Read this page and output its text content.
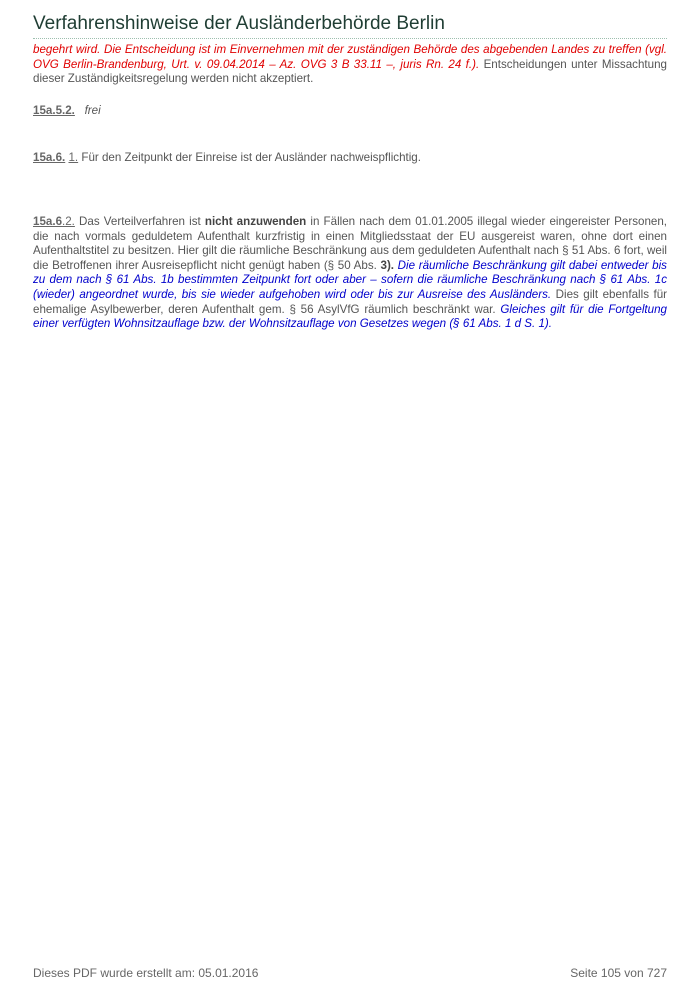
Verfahrenshinweise der Ausländerbehörde Berlin
begehrt wird. Die Entscheidung ist im Einvernehmen mit der zuständigen Behörde des abgebenden Landes zu treffen (vgl. OVG Berlin-Brandenburg, Urt. v. 09.04.2014 – Az. OVG 3 B 33.11 –, juris Rn. 24 f.). Entscheidungen unter Missachtung dieser Zuständigkeitsregelung werden nicht akzeptiert.
15a.5.2. frei
15a.6. 1. Für den Zeitpunkt der Einreise ist der Ausländer nachweispflichtig.
15a.6.2. Das Verteilverfahren ist nicht anzuwenden in Fällen nach dem 01.01.2005 illegal wieder eingereister Personen, die nach vormals geduldetem Aufenthalt kurzfristig in einen Mitgliedsstaat der EU ausgereist waren, ohne dort einen Aufenthaltstitel zu besitzen. Hier gilt die räumliche Beschränkung aus dem geduldeten Aufenthalt nach § 51 Abs. 6 fort, weil die Betroffenen ihrer Ausreisepflicht nicht genügt haben (§ 50 Abs. 3). Die räumliche Beschränkung gilt dabei entweder bis zu dem nach § 61 Abs. 1b bestimmten Zeitpunkt fort oder aber – sofern die räumliche Beschränkung nach § 61 Abs. 1c (wieder) angeordnet wurde, bis sie wieder aufgehoben wird oder bis zur Ausreise des Ausländers. Dies gilt ebenfalls für ehemalige Asylbewerber, deren Aufenthalt gem. § 56 AsylVfG räumlich beschränkt war. Gleiches gilt für die Fortgeltung einer verfügten Wohnsitzauflage bzw. der Wohnsitzauflage von Gesetzes wegen (§ 61 Abs. 1 d S. 1).
Dieses PDF wurde erstellt am: 05.01.2016	Seite 105 von 727
